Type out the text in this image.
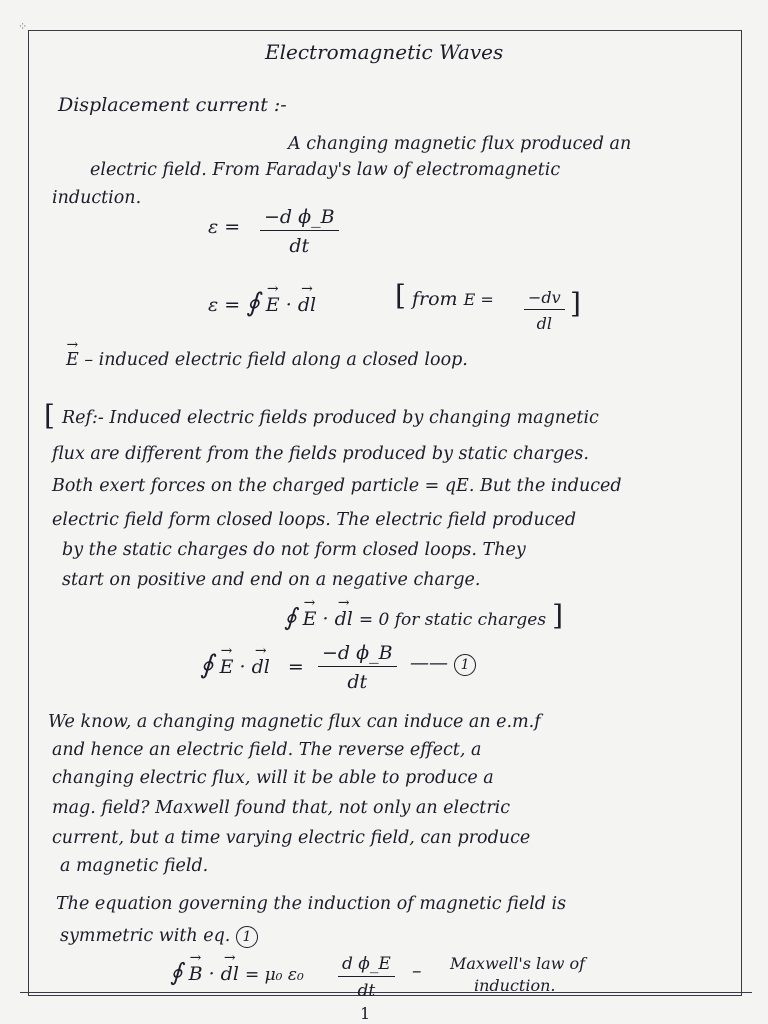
⁘
Electromagnetic Waves
Displacement current :-
A changing magnetic flux produced an
electric field. From Faraday's law of electromagnetic
induction.
$\varepsilon = \frac{\text{−d ϕ\_B}}{dt}$
ε = ∮ → E · → dl	[ from $E = \frac{-dv}{dl}$ ]
→ E – induced electric field along a closed loop.
[ Ref:- Induced electric fields produced by changing magnetic
flux are different from the fields produced by static charges.
Both exert forces on the charged particle = qE. But the induced
electric field form closed loops. The electric field produced
by the static charges do not form closed loops. They
start on positive and end on a negative charge.
∮ → E · → dl = 0 for static charges ]
∮ → E · → dl = $\frac{\text{−d ϕ\_B}}{dt}$ —— 1
We know, a changing magnetic flux can induce an e.m.f
and hence an electric field. The reverse effect, a
changing electric flux, will it be able to produce a
mag. field? Maxwell found that, not only an electric
current, but a time varying electric field, can produce
a magnetic field.
The equation governing the induction of magnetic field is
symmetric with eq. 1
∮ → B · → dl = μ₀ $\varepsilon_0 \frac{\text{d ϕ\_E}}{dt}$ – Maxwell's law of
induction.
1
